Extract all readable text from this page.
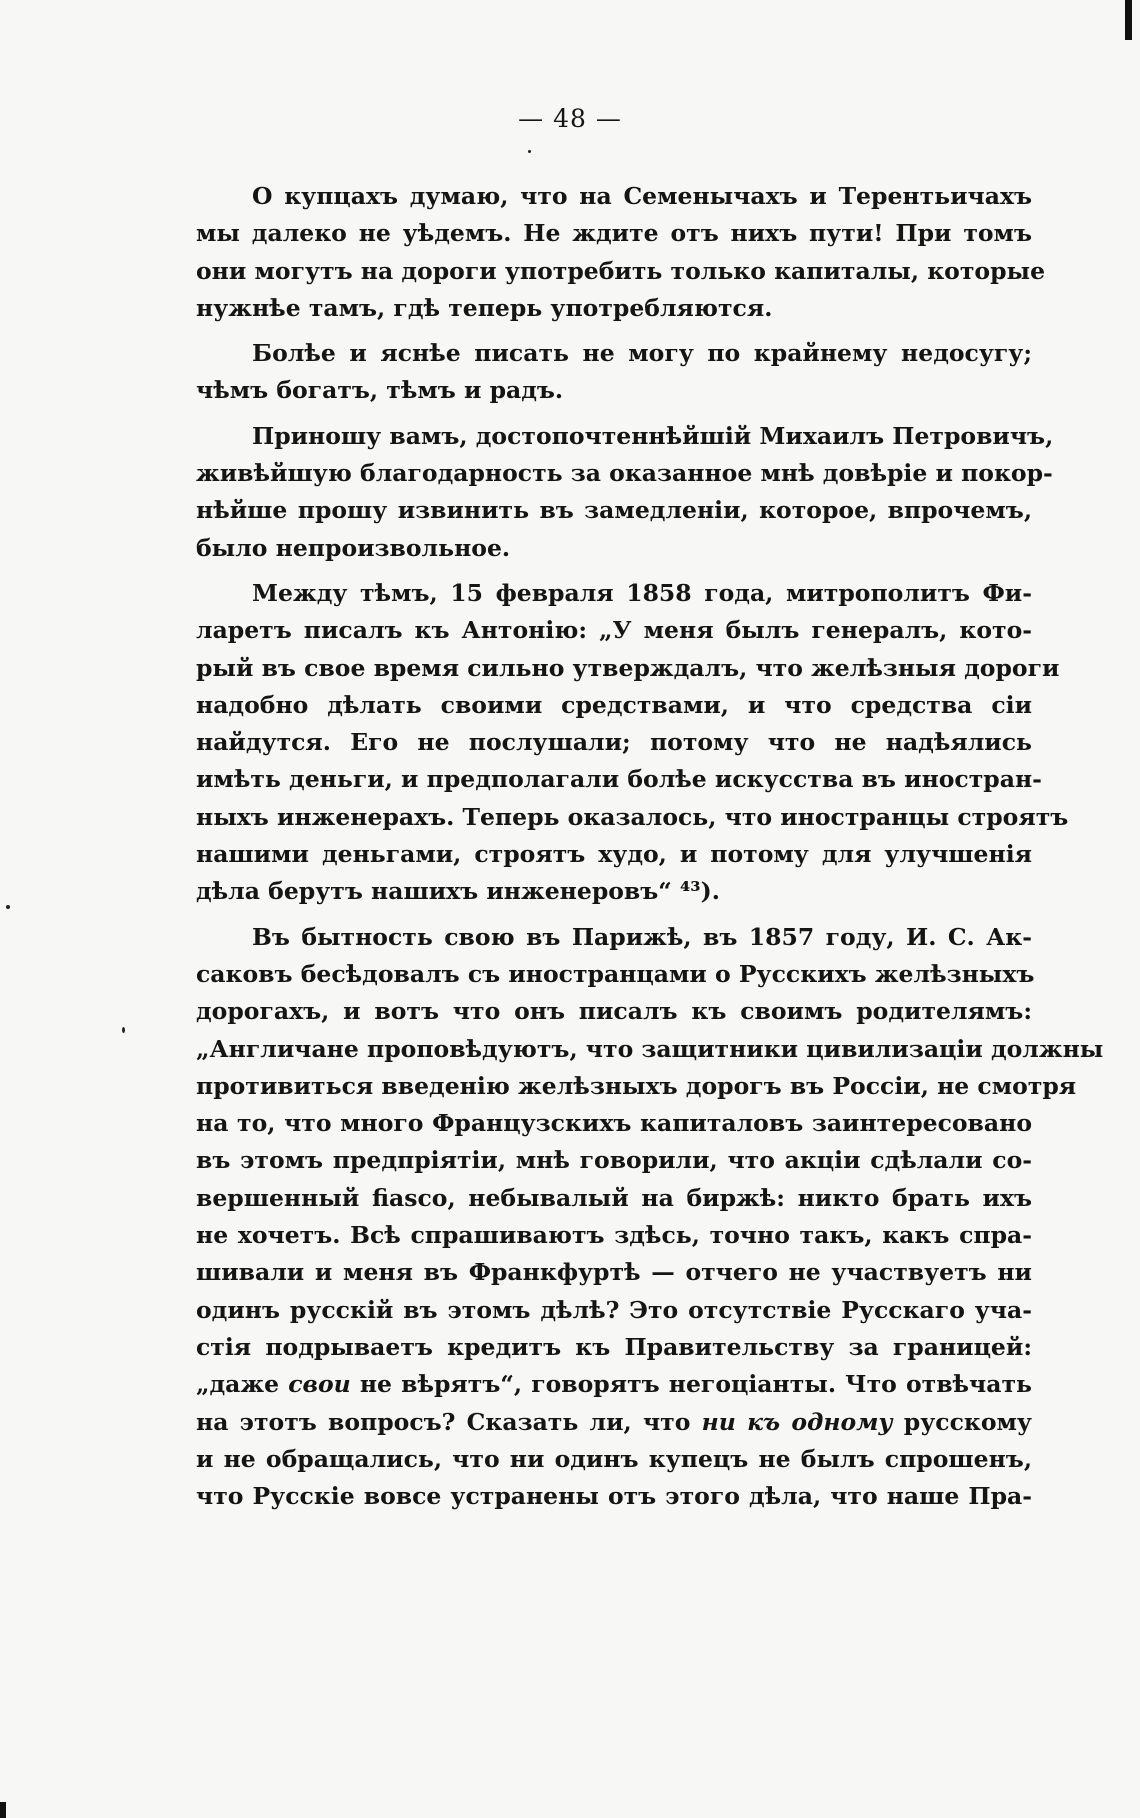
— 48 —
О купцахъ думаю, что на Семенычахъ и Терентьичахъ
мы далеко не уѣдемъ. Не ждите отъ нихъ пути! При томъ
они могутъ на дороги употребить только капиталы, которые
нужнѣе тамъ, гдѣ теперь употребляются.
Болѣе и яснѣе писать не могу по крайнему недосугу;
чѣмъ богатъ, тѣмъ и радъ.
Приношу вамъ, достопочтеннѣйшій Михаилъ Петровичъ,
живѣйшую благодарность за оказанное мнѣ довѣріе и покор-
нѣйше прошу извинить въ замедленіи, которое, впрочемъ,
было непроизвольное.
Между тѣмъ, 15 февраля 1858 года, митрополитъ Фи-
ларетъ писалъ къ Антонію: „У меня былъ генералъ, кото-
рый въ свое время сильно утверждалъ, что желѣзныя дороги
надобно дѣлать своими средствами, и что средства сіи
найдутся. Его не послушали; потому что не надѣялись
имѣть деньги, и предполагали болѣе искусства въ иностран-
ныхъ инженерахъ. Теперь оказалось, что иностранцы строятъ
нашими деньгами, строятъ худо, и потому для улучшенія
дѣла берутъ нашихъ инженеровъ“ ⁴³).
Въ бытность свою въ Парижѣ, въ 1857 году, И. С. Ак-
саковъ бесѣдовалъ съ иностранцами о Русскихъ желѣзныхъ
дорогахъ, и вотъ что онъ писалъ къ своимъ родителямъ:
„Англичане проповѣдуютъ, что защитники цивилизаціи должны
противиться введенію желѣзныхъ дорогъ въ Россіи, не смотря
на то, что много Французскихъ капиталовъ заинтересовано
въ этомъ предпріятіи, мнѣ говорили, что акціи сдѣлали со-
вершенный fiasco, небывалый на биржѣ: никто брать ихъ
не хочетъ. Всѣ спрашиваютъ здѣсь, точно такъ, какъ спра-
шивали и меня въ Франкфуртѣ — отчего не участвуетъ ни
одинъ русскій въ этомъ дѣлѣ? Это отсутствіе Русскаго уча-
стія подрываетъ кредитъ къ Правительству за границей:
„даже свои не вѣрятъ“, говорятъ негоціанты. Что отвѣчать
на этотъ вопросъ? Сказать ли, что ни къ одному русскому
и не обращались, что ни одинъ купецъ не былъ спрошенъ,
что Русскіе вовсе устранены отъ этого дѣла, что наше Пра-
